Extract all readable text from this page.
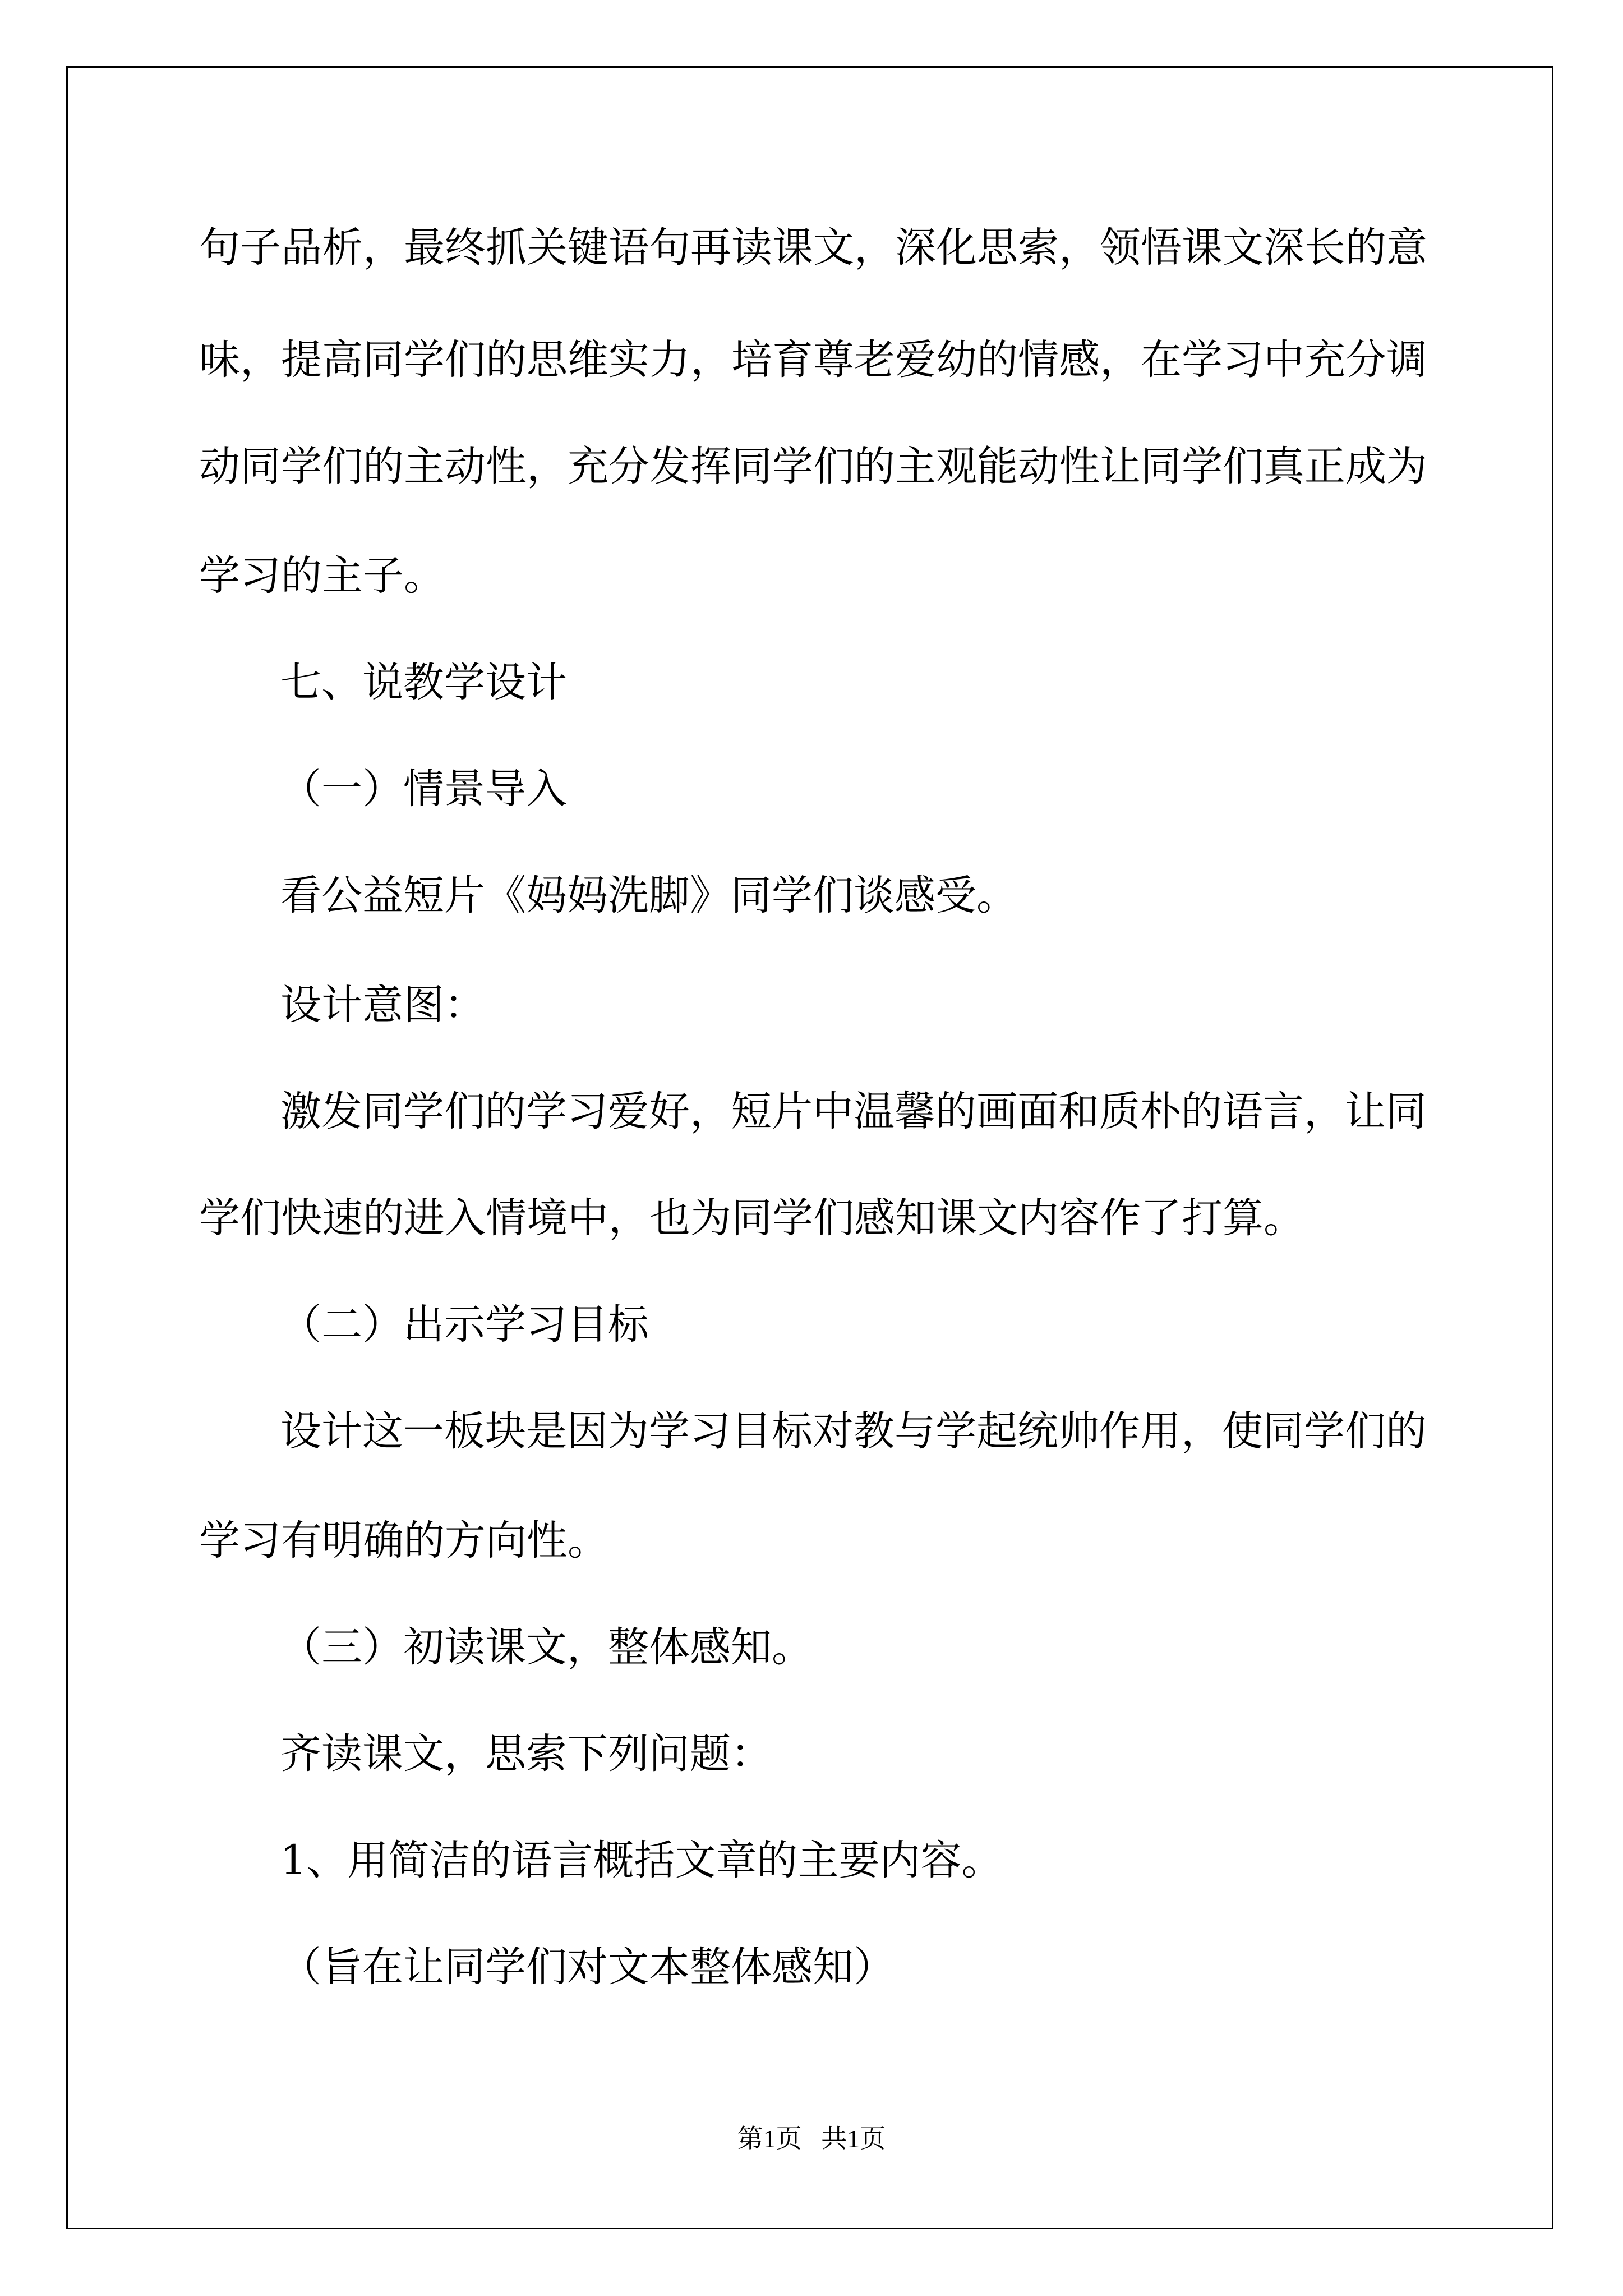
句子品析，最终抓关键语句再读课文，深化思索，领悟课文深长的意
味，提高同学们的思维实力，培育尊老爱幼的情感，在学习中充分调
动同学们的主动性，充分发挥同学们的主观能动性让同学们真正成为
学习的主子。
七、说教学设计
（一）情景导入
看公益短片《妈妈洗脚》同学们谈感受。
设计意图：
激发同学们的学习爱好，短片中温馨的画面和质朴的语言，让同
学们快速的进入情境中，也为同学们感知课文内容作了打算。
（二）出示学习目标
设计这一板块是因为学习目标对教与学起统帅作用，使同学们的
学习有明确的方向性。
（三）初读课文，整体感知。
齐读课文，思索下列问题：
1、用简洁的语言概括文章的主要内容。
（旨在让同学们对文本整体感知）
第1页   共1页
